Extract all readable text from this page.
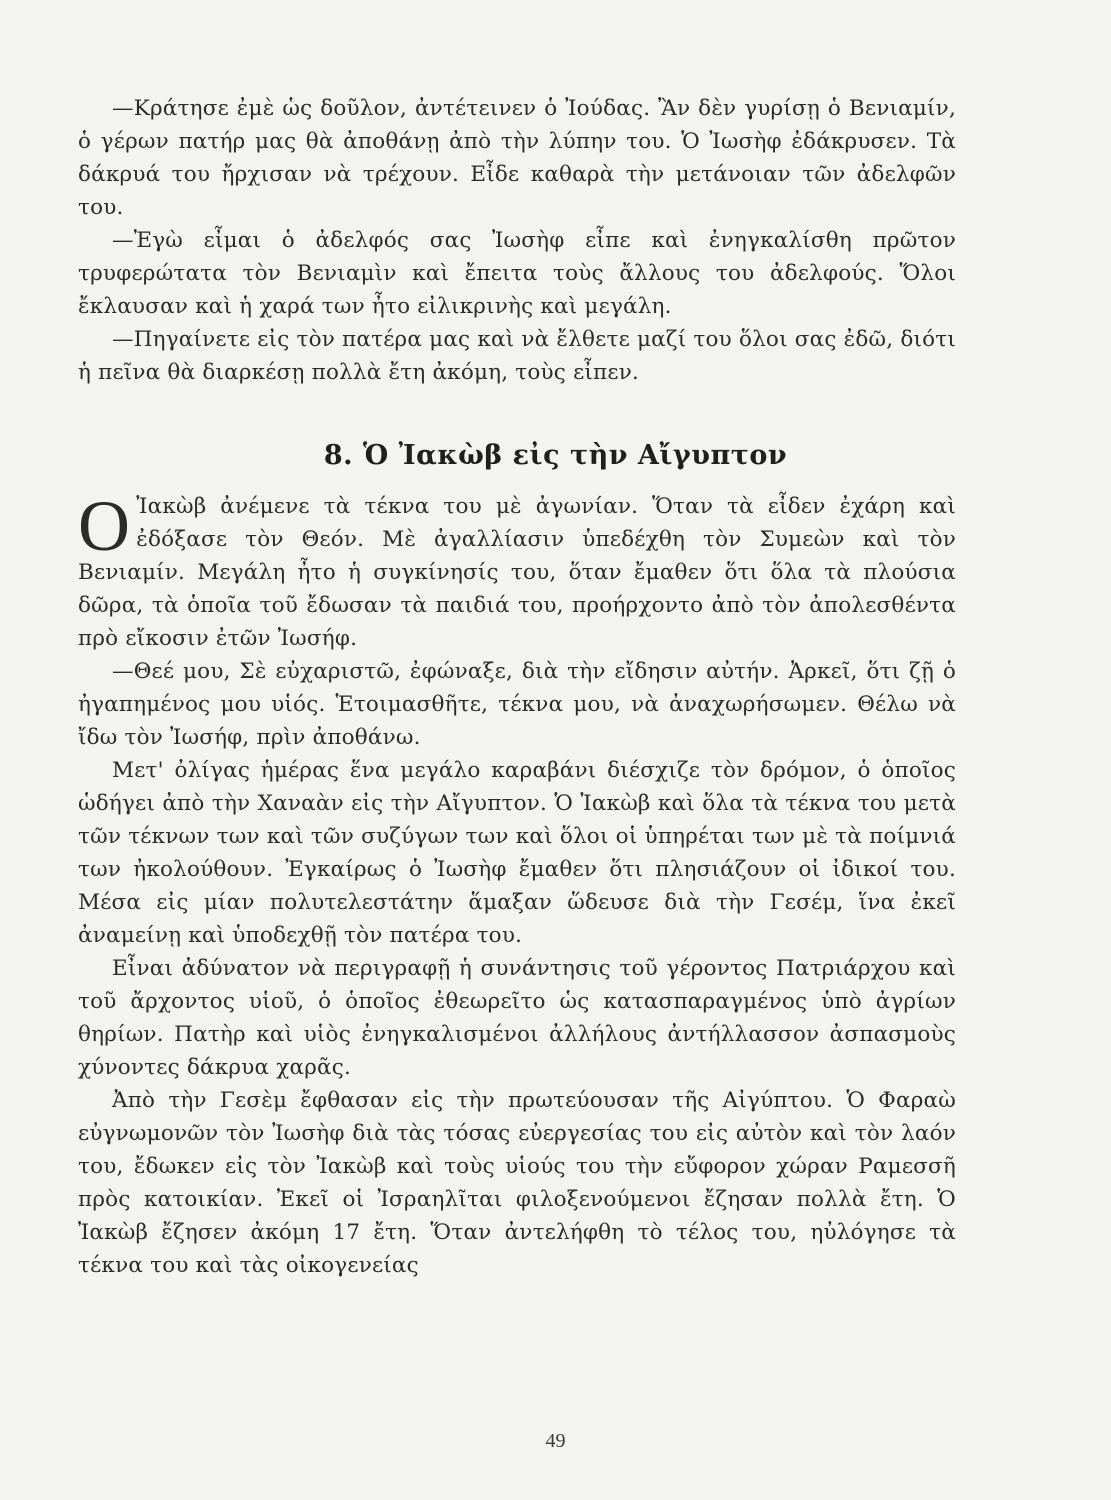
—Κράτησε ἐμὲ ὡς δοῦλον, ἀντέτεινεν ὁ Ἰούδας. Ἂν δὲν γυρίσῃ ὁ Βενιαμίν, ὁ γέρων πατήρ μας θὰ ἀποθάνῃ ἀπὸ τὴν λύπην του. Ὁ Ἰωσὴφ ἐδάκρυσεν. Τὰ δάκρυά του ἤρχισαν νὰ τρέχουν. Εἶδε καθαρὰ τὴν μετάνοιαν τῶν ἀδελφῶν του.

—Ἐγὼ εἶμαι ὁ ἀδελφός σας Ἰωσὴφ εἶπε καὶ ἐνηγκαλίσθη πρῶτον τρυφερώτατα τὸν Βενιαμὶν καὶ ἔπειτα τοὺς ἄλλους του ἀδελφούς. Ὅλοι ἔκλαυσαν καὶ ἡ χαρά των ἦτο εἰλικρινὴς καὶ μεγάλη.

—Πηγαίνετε εἰς τὸν πατέρα μας καὶ νὰ ἔλθετε μαζί του ὅλοι σας ἐδῶ, διότι ἡ πεῖνα θὰ διαρκέσῃ πολλὰ ἔτη ἀκόμη, τοὺς εἶπεν.

8. Ὁ Ἰακὼβ εἰς τὴν Αἴγυπτον

Ο Ἰακὼβ ἀνέμενε τὰ τέκνα του μὲ ἀγωνίαν. Ὅταν τὰ εἶδεν ἐχάρη καὶ ἐδόξασε τὸν Θεόν. Μὲ ἀγαλλίασιν ὑπεδέχθη τὸν Συμεὼν καὶ τὸν Βενιαμίν. Μεγάλη ἦτο ἡ συγκίνησίς του, ὅταν ἔμαθεν ὅτι ὅλα τὰ πλούσια δῶρα, τὰ ὁποῖα τοῦ ἔδωσαν τὰ παιδιά του, προήρχοντο ἀπὸ τὸν ἀπολεσθέντα πρὸ εἴκοσιν ἐτῶν Ἰωσήφ.

—Θεέ μου, Σὲ εὐχαριστῶ, ἐφώναξε, διὰ τὴν εἴδησιν αὐτήν. Ἀρκεῖ, ὅτι ζῇ ὁ ἠγαπημένος μου υἱός. Ἑτοιμασθῆτε, τέκνα μου, νὰ ἀναχωρήσωμεν. Θέλω νὰ ἴδω τὸν Ἰωσήφ, πρὶν ἀποθάνω.

Μετ' ὀλίγας ἡμέρας ἕνα μεγάλο καραβάνι διέσχιζε τὸν δρόμον, ὁ ὁποῖος ὡδήγει ἀπὸ τὴν Χαναὰν εἰς τὴν Αἴγυπτον. Ὁ Ἰακὼβ καὶ ὅλα τὰ τέκνα του μετὰ τῶν τέκνων των καὶ τῶν συζύγων των καὶ ὅλοι οἱ ὑπηρέται των μὲ τὰ ποίμνιά των ἠκολούθουν. Ἐγκαίρως ὁ Ἰωσὴφ ἔμαθεν ὅτι πλησιάζουν οἱ ἰδικοί του. Μέσα εἰς μίαν πολυτελεστάτην ἅμαξαν ὥδευσε διὰ τὴν Γεσέμ, ἵνα ἐκεῖ ἀναμείνῃ καὶ ὑποδεχθῇ τὸν πατέρα του.

Εἶναι ἀδύνατον νὰ περιγραφῇ ἡ συνάντησις τοῦ γέροντος Πατριάρχου καὶ τοῦ ἄρχοντος υἱοῦ, ὁ ὁποῖος ἐθεωρεῖτο ὡς κατασπαραγμένος ὑπὸ ἀγρίων θηρίων. Πατὴρ καὶ υἱὸς ἐνηγκαλισμένοι ἀλλήλους ἀντήλλασσον ἀσπασμοὺς χύνοντες δάκρυα χαρᾶς.

Ἀπὸ τὴν Γεσὲμ ἔφθασαν εἰς τὴν πρωτεύουσαν τῆς Αἰγύπτου. Ὁ Φαραὼ εὐγνωμονῶν τὸν Ἰωσὴφ διὰ τὰς τόσας εὐεργεσίας του εἰς αὐτὸν καὶ τὸν λαόν του, ἔδωκεν εἰς τὸν Ἰακὼβ καὶ τοὺς υἱούς του τὴν εὔφορον χώραν Ραμεσσῆ πρὸς κατοικίαν. Ἐκεῖ οἱ Ἰσραηλῖται φιλοξενούμενοι ἔζησαν πολλὰ ἔτη. Ὁ Ἰακὼβ ἔζησεν ἀκόμη 17 ἔτη. Ὅταν ἀντελήφθη τὸ τέλος του, ηὐλόγησε τὰ τέκνα του καὶ τὰς οἰκογενείας

49
